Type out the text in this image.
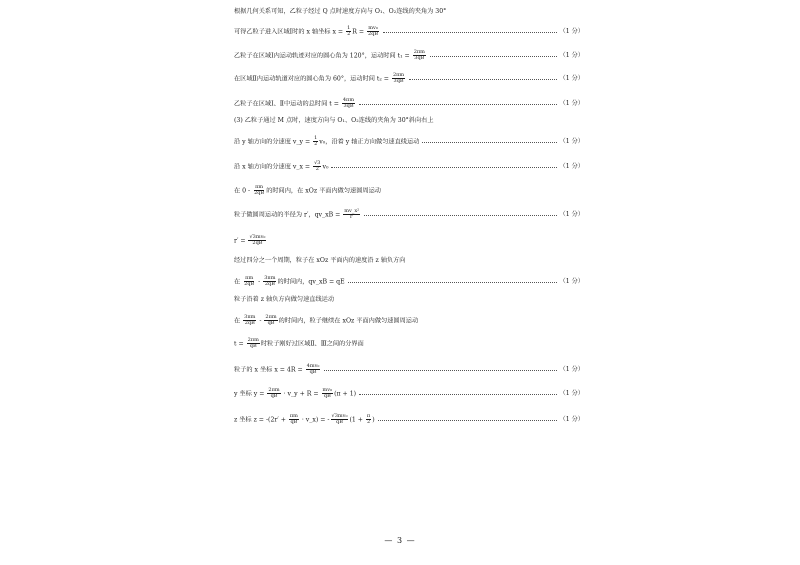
根据几何关系可知，乙粒子经过 Q 点时速度方向与 O₁、O₂连线的夹角为 30°
可得乙粒子进入区域Ⅰ时的 x 轴坐标 $x = \frac{1}{2}$ $R = \frac{\text{mv₀}}{2qB}$	（1 分）
乙粒子在区域Ⅰ内运动轨迹对应的圆心角为 120°，运动时间 $t_1 = \frac{2\pi m}{3qB}$	（1 分）
在区域Ⅱ内运动轨道对应的圆心角为 60°，运动时间 $t_2 = \frac{2\pi m}{3qB}$	（1 分）
乙粒子在区域Ⅰ、Ⅱ中运动的总时间 $t = \frac{4\pi m}{3qB}$	（1 分）
(3) 乙粒子通过 M 点时，速度方向与 O₁、O₂连线的夹角为 30°斜向右上
沿 y 轴方向的分速度 v_y = $\frac{1}{2} v_0$，沿着 y 轴正方向做匀速直线运动	（1 分）
沿 x 轴方向的分速度 v_x = $\frac{√3}{2} v_0$	（1 分）
在 $0 - \frac{\pi m}{2qB}$ 的时间内，在 xOz 平面内做匀速圆周运动
粒子做圆周运动的半径为 r′，qv_xB = $\frac{\text{mv\_x²}}{r'}$	（1 分）
$r' = \frac{\text{√3mv₀}}{2qB}$
经过四分之一个周期，粒子在 xOz 平面内的速度沿 z 轴负方向
在 $\frac{\pi m}{2qB} - \frac{3\pi m}{2qB}$ 的时间内，qv_xB = qE	（1 分）
粒子沿着 z 轴负方向做匀速直线运动
在 $\frac{3\pi m}{2qB} - \frac{2\pi m}{qB}$ 的时间内，粒子继续在 xOz 平面内做匀速圆周运动
$t = \frac{2\pi m}{qB}$ 时粒子刚好过区域Ⅱ、Ⅲ之间的分界面
粒子的 x 坐标 $x = 4R = \frac{\text{4mv₀}}{qB}$	（1 分）
y 坐标 $y = \frac{2\pi m}{qB}$ · v_y + $R = \frac{\text{mv₀}}{qB} (\pi + 1)$	（1 分）
z 坐标 $z = -(2r' + \frac{\pi m}{qB}$ · v_x) = - $\frac{\text{√3mv₀}}{qB} (1 + \frac{\pi}{2}$ )	（1 分）
— 3 —
